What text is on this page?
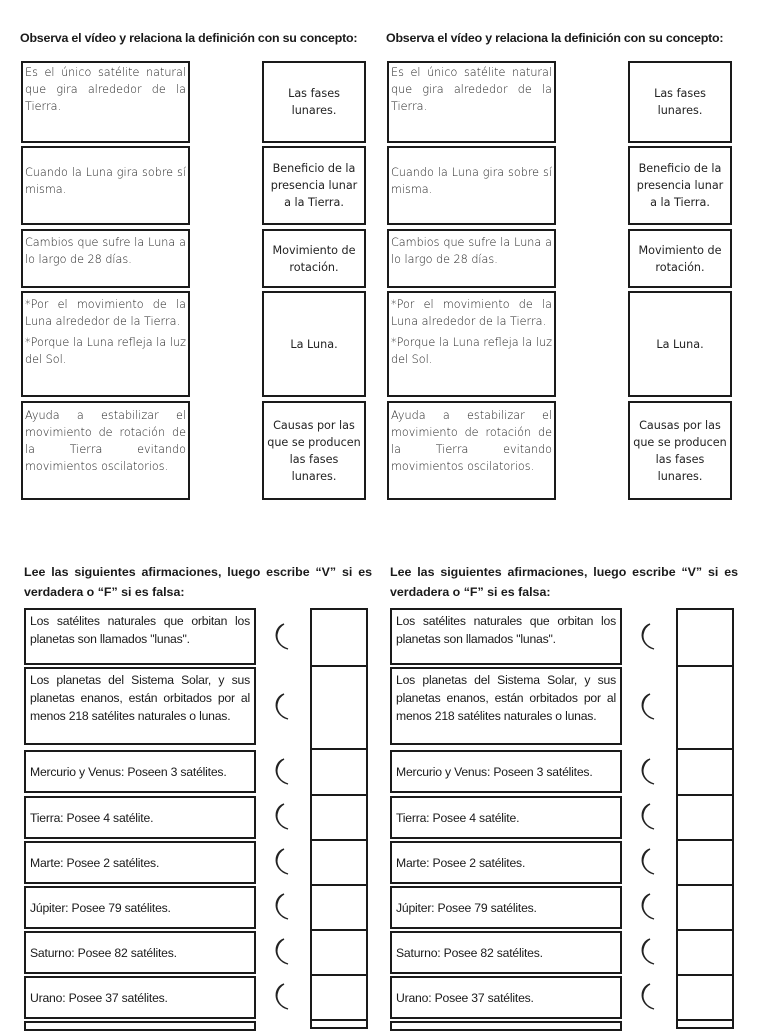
Observa el vídeo y relaciona la definición con su concepto:
Es el único satélite natural que gira alrededor de la Tierra.
Cuando la Luna gira sobre sí misma.
Cambios que sufre la Luna a lo largo de 28 días.
*Por el movimiento de la Luna alrededor de la Tierra.
*Porque la Luna refleja la luz del Sol.
Ayuda a estabilizar el movimiento de rotación de la Tierra evitando movimientos oscilatorios.
Las fases lunares.
Beneficio de la presencia lunar a la Tierra.
Movimiento de rotación.
La Luna.
Causas por las que se producen las fases lunares.
Lee las siguientes afirmaciones, luego escribe “V” si es verdadera o “F” si es falsa:
Los satélites naturales que orbitan los planetas son llamados "lunas".
Los planetas del Sistema Solar, y sus planetas enanos, están orbitados por al menos 218 satélites naturales o lunas.
Mercurio y Venus: Poseen 3 satélites.
Tierra: Posee 4 satélite.
Marte: Posee 2 satélites.
Júpiter: Posee 79 satélites.
Saturno: Posee 82 satélites.
Urano: Posee 37 satélites.
Observa el vídeo y relaciona la definición con su concepto:
Es el único satélite natural que gira alrededor de la Tierra.
Cuando la Luna gira sobre sí misma.
Cambios que sufre la Luna a lo largo de 28 días.
*Por el movimiento de la Luna alrededor de la Tierra.
*Porque la Luna refleja la luz del Sol.
Ayuda a estabilizar el movimiento de rotación de la Tierra evitando movimientos oscilatorios.
Las fases lunares.
Beneficio de la presencia lunar a la Tierra.
Movimiento de rotación.
La Luna.
Causas por las que se producen las fases lunares.
Lee las siguientes afirmaciones, luego escribe “V” si es verdadera o “F” si es falsa:
Los satélites naturales que orbitan los planetas son llamados "lunas".
Los planetas del Sistema Solar, y sus planetas enanos, están orbitados por al menos 218 satélites naturales o lunas.
Mercurio y Venus: Poseen 3 satélites.
Tierra: Posee 4 satélite.
Marte: Posee 2 satélites.
Júpiter: Posee 79 satélites.
Saturno: Posee 82 satélites.
Urano: Posee 37 satélites.
